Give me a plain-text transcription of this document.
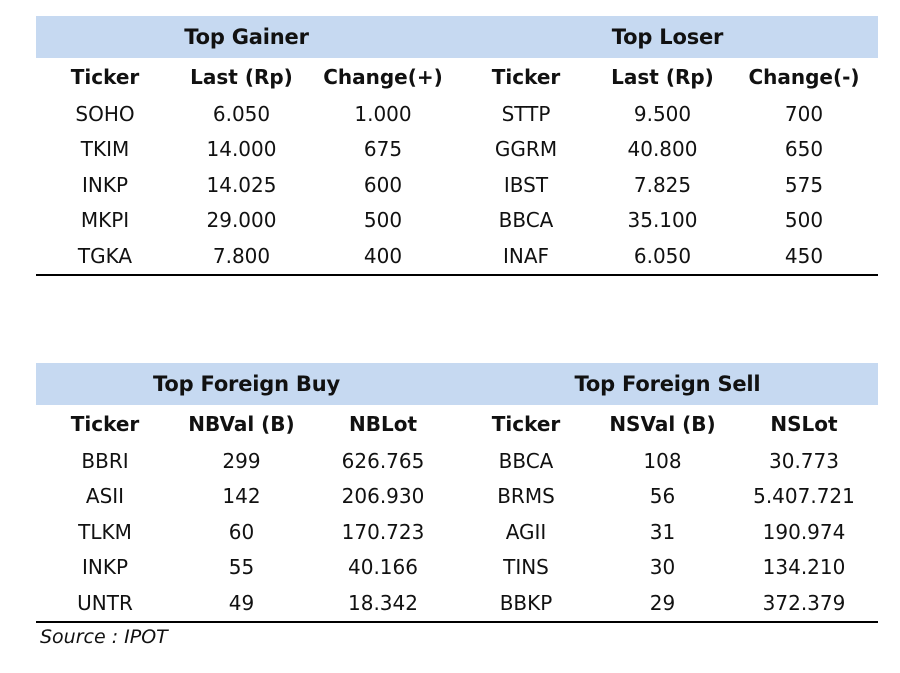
Top Gainer	Top Loser
Ticker	Last (Rp)	Change(+)	Ticker	Last (Rp)	Change(-)
SOHO	6.050	1.000	STTP	9.500	700
TKIM	14.000	675	GGRM	40.800	650
INKP	14.025	600	IBST	7.825	575
MKPI	29.000	500	BBCA	35.100	500
TGKA	7.800	400	INAF	6.050	450
Top Foreign Buy	Top Foreign Sell
Ticker	NBVal (B)	NBLot	Ticker	NSVal (B)	NSLot
BBRI	299	626.765	BBCA	108	30.773
ASII	142	206.930	BRMS	56	5.407.721
TLKM	60	170.723	AGII	31	190.974
INKP	55	40.166	TINS	30	134.210
UNTR	49	18.342	BBKP	29	372.379
Source : IPOT
